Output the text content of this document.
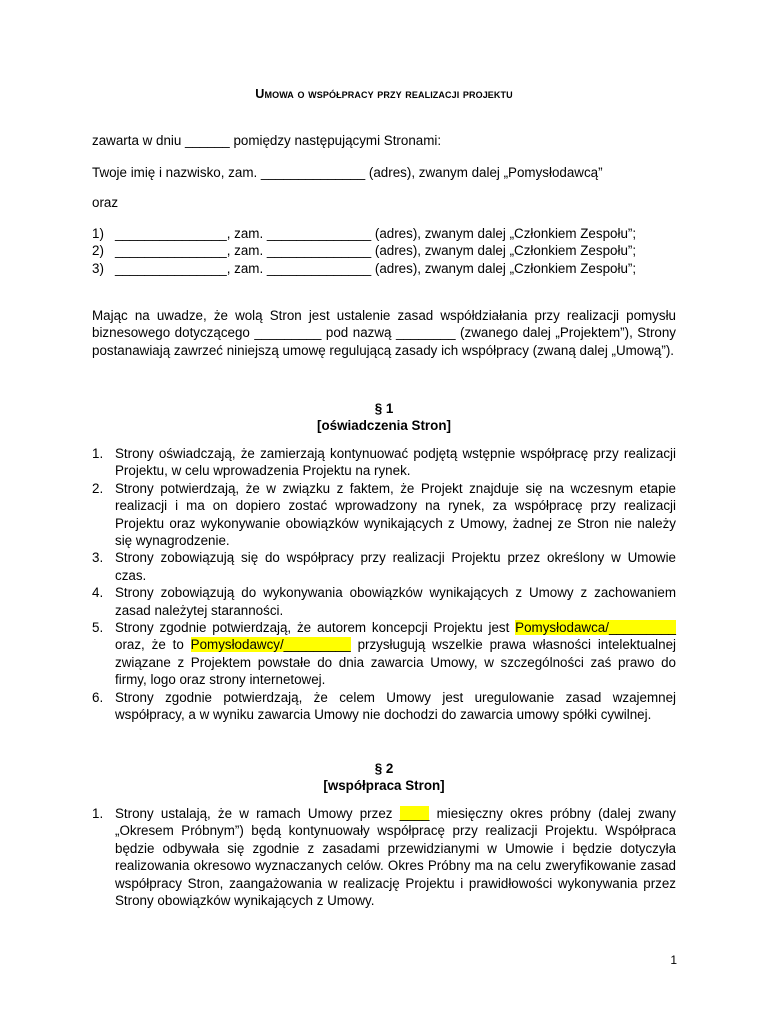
Umowa o współpracy przy realizacji projektu
zawarta w dniu ______ pomiędzy następującymi Stronami:
Twoje imię i nazwisko, zam. ______________ (adres), zwanym dalej „Pomysłodawcą”
oraz
1) _______________, zam. ______________ (adres), zwanym dalej „Członkiem Zespołu”;
2) _______________, zam. ______________ (adres), zwanym dalej „Członkiem Zespołu”;
3) _______________, zam. ______________ (adres), zwanym dalej „Członkiem Zespołu”;
Mając na uwadze, że wolą Stron jest ustalenie zasad współdziałania przy realizacji pomysłu biznesowego dotyczącego _________ pod nazwą ________ (zwanego dalej „Projektem”), Strony postanawiają zawrzeć niniejszą umowę regulującą zasady ich współpracy (zwaną dalej „Umową”).
§ 1
[oświadczenia Stron]
1. Strony oświadczają, że zamierzają kontynuować podjętą wstępnie współpracę przy realizacji Projektu, w celu wprowadzenia Projektu na rynek.
2. Strony potwierdzają, że w związku z faktem, że Projekt znajduje się na wczesnym etapie realizacji i ma on dopiero zostać wprowadzony na rynek, za współpracę przy realizacji Projektu oraz wykonywanie obowiązków wynikających z Umowy, żadnej ze Stron nie należy się wynagrodzenie.
3. Strony zobowiązują się do współpracy przy realizacji Projektu przez określony w Umowie czas.
4. Strony zobowiązują do wykonywania obowiązków wynikających z Umowy z zachowaniem zasad należytej staranności.
5. Strony zgodnie potwierdzają, że autorem koncepcji Projektu jest Pomysłodawca/_________ oraz, że to Pomysłodawcy/_________ przysługują wszelkie prawa własności intelektualnej związane z Projektem powstałe do dnia zawarcia Umowy, w szczególności zaś prawo do firmy, logo oraz strony internetowej.
6. Strony zgodnie potwierdzają, że celem Umowy jest uregulowanie zasad wzajemnej współpracy, a w wyniku zawarcia Umowy nie dochodzi do zawarcia umowy spółki cywilnej.
§ 2
[współpraca Stron]
1. Strony ustalają, że w ramach Umowy przez ____ miesięczny okres próbny (dalej zwany „Okresem Próbnym”) będą kontynuowały współpracę przy realizacji Projektu. Współpraca będzie odbywała się zgodnie z zasadami przewidzianymi w Umowie i będzie dotyczyła realizowania okresowo wyznaczanych celów. Okres Próbny ma na celu zweryfikowanie zasad współpracy Stron, zaangażowania w realizację Projektu i prawidłowości wykonywania przez Strony obowiązków wynikających z Umowy.
1
